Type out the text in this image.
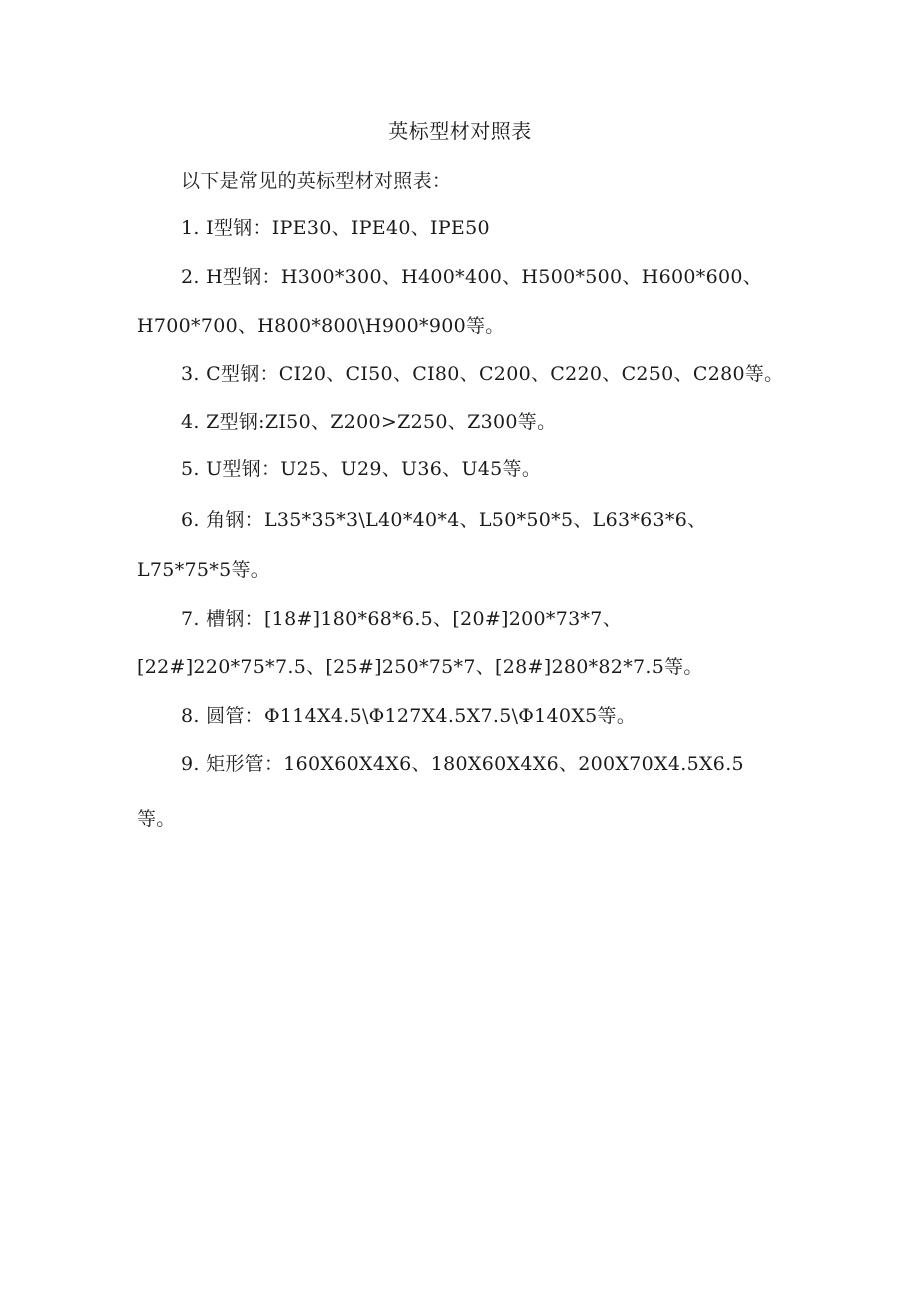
英标型材对照表
以下是常见的英标型材对照表：
1. I型钢：IPE30、IPE40、IPE50
2. H型钢：H300*300、H400*400、H500*500、H600*600、
H700*700、H800*800\H900*900等。
3. C型钢：CI20、CI50、CI80、C200、C220、C250、C280等。
4. Z型钢:ZI50、Z200>Z250、Z300等。
5. U型钢：U25、U29、U36、U45等。
6. 角钢：L35*35*3\L40*40*4、L50*50*5、L63*63*6、
L75*75*5等。
7. 槽钢：[18#]180*68*6.5、[20#]200*73*7、
[22#]220*75*7.5、[25#]250*75*7、[28#]280*82*7.5等。
8. 圆管：Φ114X4.5\Φ127X4.5X7.5\Φ140X5等。
9. 矩形管：160X60X4X6、180X60X4X6、200X70X4.5X6.5
等。
